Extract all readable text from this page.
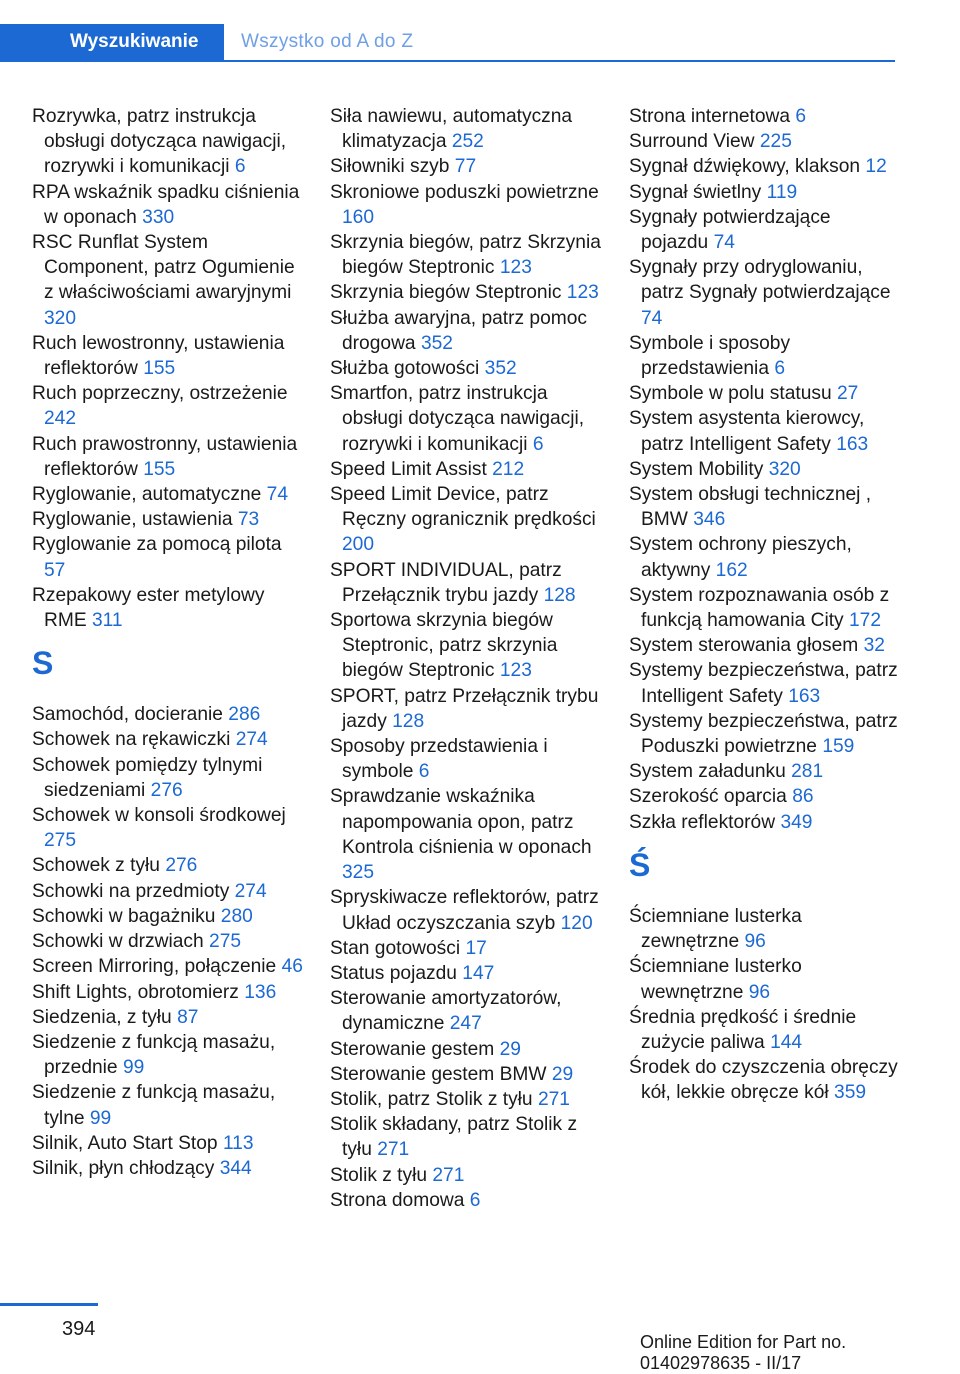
Wyszukiwanie	Wszystko od A do Z
Rozrywka, patrz instrukcja obsługi dotycząca nawigacji, rozrywki i komunikacji 6
RPA wskaźnik spadku ciśnienia w oponach 330
RSC Runflat System Component, patrz Ogumienie z właściwościami awaryjnymi 320
Ruch lewostronny, ustawienia reflektorów 155
Ruch poprzeczny, ostrzeżenie 242
Ruch prawostronny, ustawienia reflektorów 155
Ryglowanie, automatyczne 74
Ryglowanie, ustawienia 73
Ryglowanie za pomocą pilota 57
Rzepakowy ester metylowy RME 311
S
Samochód, docieranie 286
Schowek na rękawiczki 274
Schowek pomiędzy tylnymi siedzeniami 276
Schowek w konsoli środkowej 275
Schowek z tyłu 276
Schowki na przedmioty 274
Schowki w bagażniku 280
Schowki w drzwiach 275
Screen Mirroring, połączenie 46
Shift Lights, obrotomierz 136
Siedzenia, z tyłu 87
Siedzenie z funkcją masażu, przednie 99
Siedzenie z funkcją masażu, tylne 99
Silnik, Auto Start Stop 113
Silnik, płyn chłodzący 344
Siła nawiewu, automatyczna klimatyzacja 252
Siłowniki szyb 77
Skroniowe poduszki powietrzne 160
Skrzynia biegów, patrz Skrzynia biegów Steptronic 123
Skrzynia biegów Steptronic 123
Służba awaryjna, patrz pomoc drogowa 352
Służba gotowości 352
Smartfon, patrz instrukcja obsługi dotycząca nawigacji, rozrywki i komunikacji 6
Speed Limit Assist 212
Speed Limit Device, patrz Ręczny ogranicznik prędkości 200
SPORT INDIVIDUAL, patrz Przełącznik trybu jazdy 128
Sportowa skrzynia biegów Steptronic, patrz skrzynia biegów Steptronic 123
SPORT, patrz Przełącznik trybu jazdy 128
Sposoby przedstawienia i symbole 6
Sprawdzanie wskaźnika napompowania opon, patrz Kontrola ciśnienia w oponach 325
Spryskiwacze reflektorów, patrz Układ oczyszczania szyb 120
Stan gotowości 17
Status pojazdu 147
Sterowanie amortyzatorów, dynamiczne 247
Sterowanie gestem 29
Sterowanie gestem BMW 29
Stolik, patrz Stolik z tyłu 271
Stolik składany, patrz Stolik z tyłu 271
Stolik z tyłu 271
Strona domowa 6
Strona internetowa 6
Surround View 225
Sygnał dźwiękowy, klakson 12
Sygnał świetlny 119
Sygnały potwierdzające pojazdu 74
Sygnały przy odryglowaniu, patrz Sygnały potwierdzające 74
Symbole i sposoby przedstawienia 6
Symbole w polu statusu 27
System asystenta kierowcy, patrz Intelligent Safety 163
System Mobility 320
System obsługi technicznej , BMW 346
System ochrony pieszych, aktywny 162
System rozpoznawania osób z funkcją hamowania City 172
System sterowania głosem 32
Systemy bezpieczeństwa, patrz Intelligent Safety 163
Systemy bezpieczeństwa, patrz Poduszki powietrzne 159
System załadunku 281
Szerokość oparcia 86
Szkła reflektorów 349
Ś
Ściemniane lusterka zewnętrzne 96
Ściemniane lusterko wewnętrzne 96
Średnia prędkość i średnie zużycie paliwa 144
Środek do czyszczenia obręczy kół, lekkie obręcze kół 359
394
Online Edition for Part no. 01402978635 - II/17
